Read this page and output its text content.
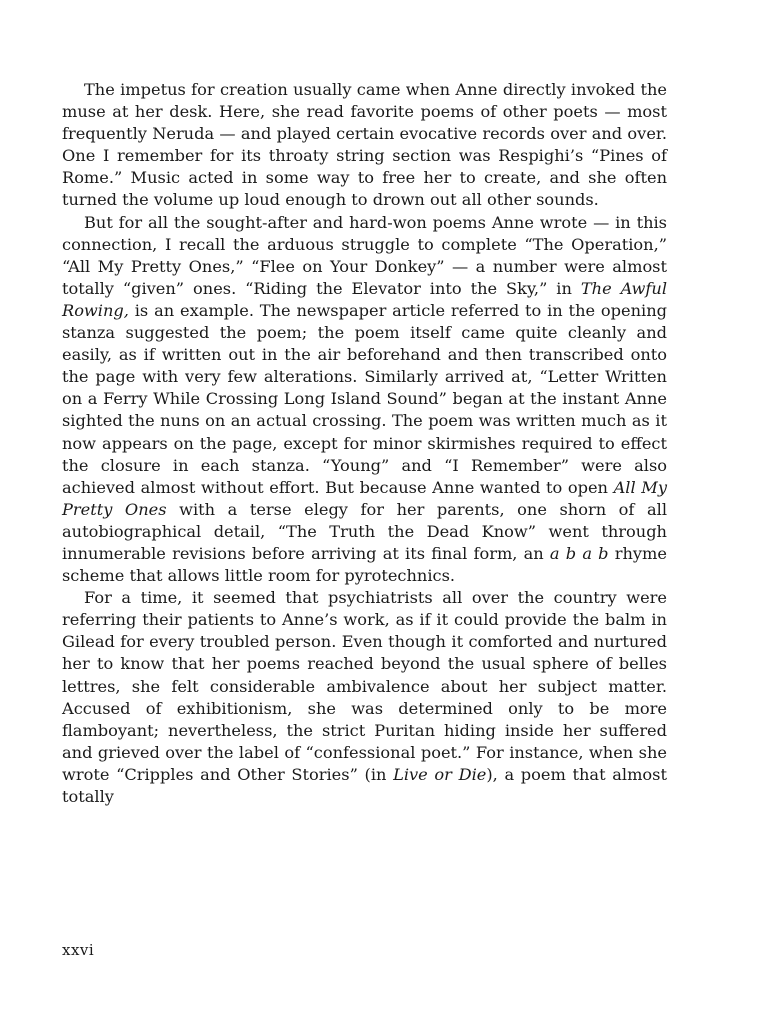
The impetus for creation usually came when Anne directly invoked the muse at her desk. Here, she read favorite poems of other poets — most frequently Neruda — and played certain evocative records over and over. One I remember for its throaty string section was Respighi’s “Pines of Rome.” Music acted in some way to free her to create, and she often turned the volume up loud enough to drown out all other sounds.

But for all the sought-after and hard-won poems Anne wrote — in this connection, I recall the arduous struggle to complete “The Operation,” “All My Pretty Ones,” “Flee on Your Donkey” — a number were almost totally “given” ones. “Riding the Elevator into the Sky,” in The Awful Rowing, is an example. The newspaper article referred to in the opening stanza suggested the poem; the poem itself came quite cleanly and easily, as if written out in the air beforehand and then transcribed onto the page with very few alterations. Similarly arrived at, “Letter Written on a Ferry While Crossing Long Island Sound” began at the instant Anne sighted the nuns on an actual crossing. The poem was written much as it now appears on the page, except for minor skirmishes required to effect the closure in each stanza. “Young” and “I Remember” were also achieved almost without effort. But because Anne wanted to open All My Pretty Ones with a terse elegy for her parents, one shorn of all autobiographical detail, “The Truth the Dead Know” went through innumerable revisions before arriving at its final form, an a b a b rhyme scheme that allows little room for pyrotechnics.

For a time, it seemed that psychiatrists all over the country were referring their patients to Anne’s work, as if it could provide the balm in Gilead for every troubled person. Even though it comforted and nurtured her to know that her poems reached beyond the usual sphere of belles lettres, she felt considerable ambivalence about her subject matter. Accused of exhibitionism, she was determined only to be more flamboyant; nevertheless, the strict Puritan hiding inside her suffered and grieved over the label of “confessional poet.” For instance, when she wrote “Cripples and Other Stories” (in Live or Die), a poem that almost totally

xxvi
